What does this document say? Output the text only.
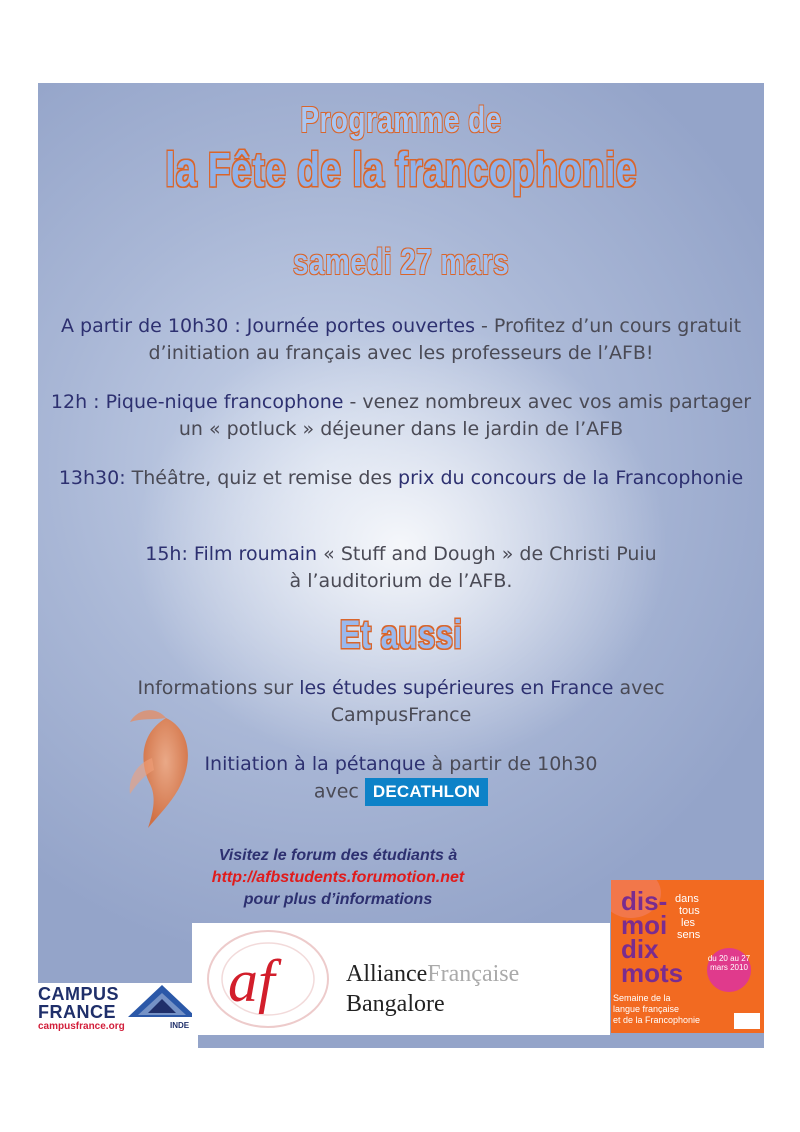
Programme de
la Fête de la francophonie
samedi 27 mars
A partir de 10h30 : Journée portes ouvertes - Profitez d’un cours gratuit d’initiation au français avec les professeurs de l’AFB!
12h : Pique-nique francophone - venez nombreux avec vos amis partager un « potluck » déjeuner dans le jardin de l’AFB
13h30: Théâtre, quiz et remise des prix du concours de la Francophonie
15h: Film roumain « Stuff and Dough » de Christi Puiu
à l’auditorium de l’AFB.
Et aussi
Informations sur les études supérieures en France avec
CampusFrance
Initiation à la pétanque à partir de 10h30
avec DECATHLON
Visitez le forum des étudiants à
http://afbstudents.forumotion.net
pour plus d’informations
CAMPUS
FRANCE
campusfrance.org	INDE
af	AllianceFrançaise
Bangalore
dis-
moi
dix
mots
dans
tous
les
sens
du 20 au 27 mars 2010
Semaine de la
langue française
et de la Francophonie
